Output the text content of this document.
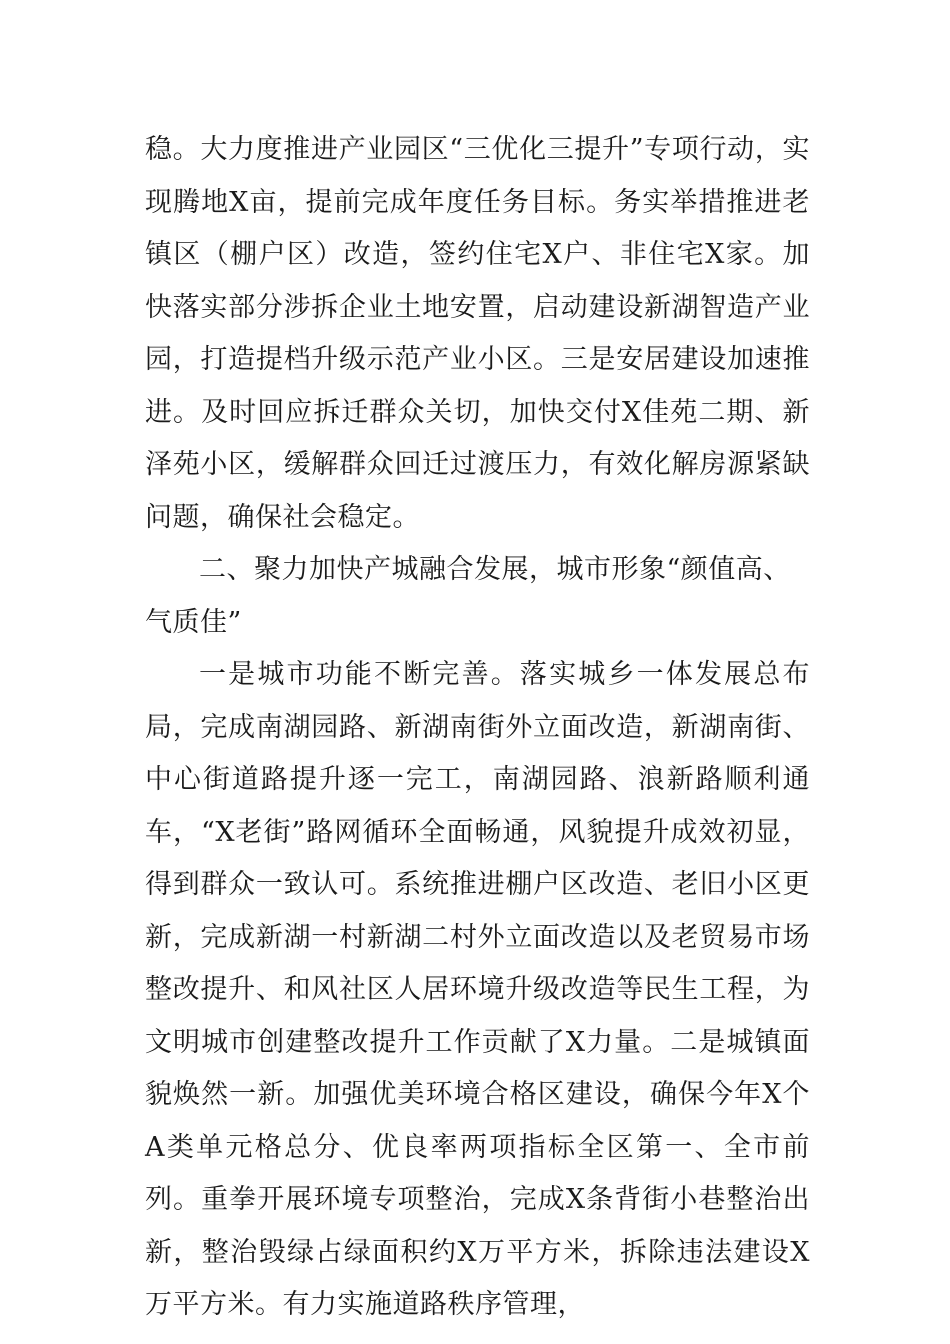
稳。大力度推进产业园区“三优化三提升”专项行动，实现腾地X亩，提前完成年度任务目标。务实举措推进老镇区（棚户区）改造，签约住宅X户、非住宅X家。加快落实部分涉拆企业土地安置，启动建设新湖智造产业园，打造提档升级示范产业小区。三是安居建设加速推进。及时回应拆迁群众关切，加快交付X佳苑二期、新泽苑小区，缓解群众回迁过渡压力，有效化解房源紧缺问题，确保社会稳定。

二、聚力加快产城融合发展，城市形象“颜值高、气质佳”

一是城市功能不断完善。落实城乡一体发展总布局，完成南湖园路、新湖南街外立面改造，新湖南街、中心街道路提升逐一完工，南湖园路、浪新路顺利通车，“X老街”路网循环全面畅通，风貌提升成效初显，得到群众一致认可。系统推进棚户区改造、老旧小区更新，完成新湖一村新湖二村外立面改造以及老贸易市场整改提升、和风社区人居环境升级改造等民生工程，为文明城市创建整改提升工作贡献了X力量。二是城镇面貌焕然一新。加强优美环境合格区建设，确保今年X个A类单元格总分、优良率两项指标全区第一、全市前列。重拳开展环境专项整治，完成X条背街小巷整治出新，整治毁绿占绿面积约X万平方米，拆除违法建设X万平方米。有力实施道路秩序管理，
